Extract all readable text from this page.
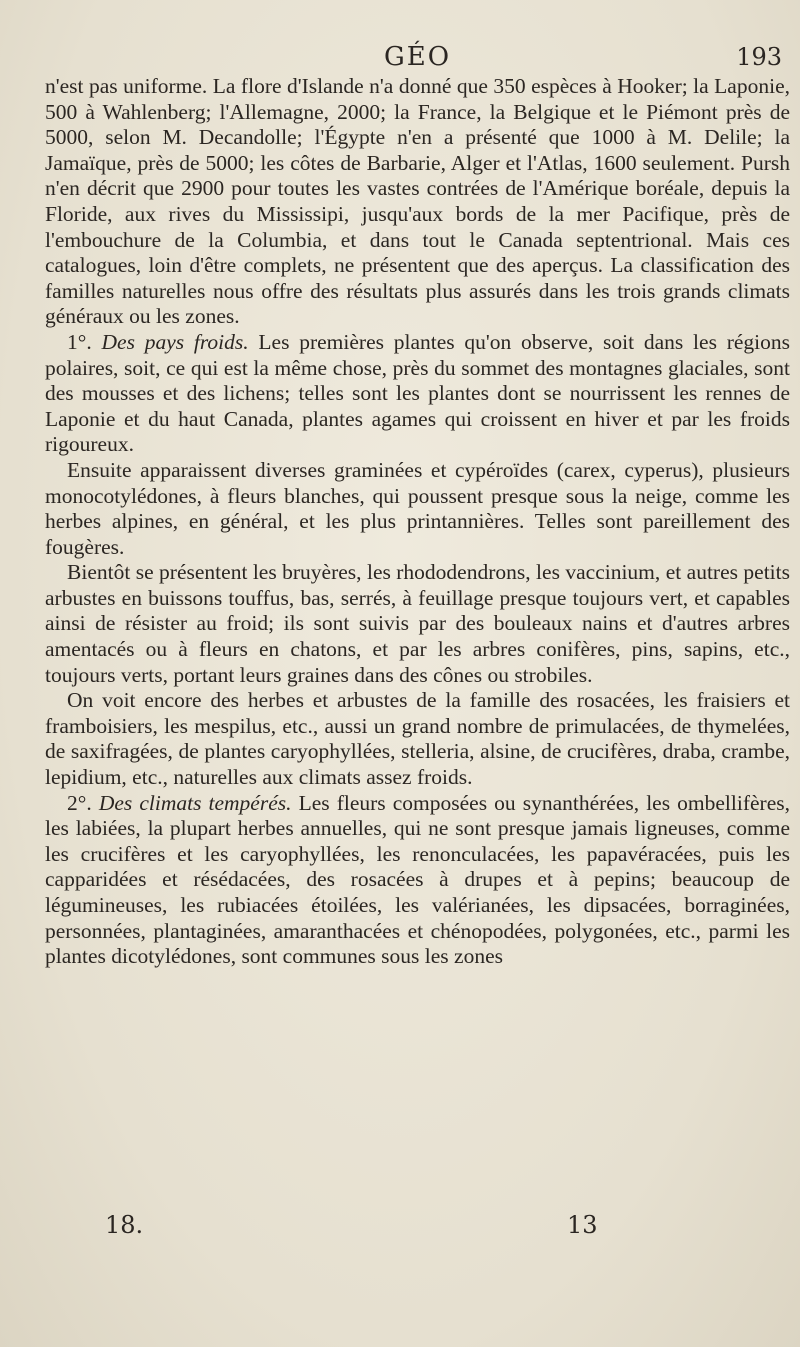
GÉO	193

n'est pas uniforme. La flore d'Islande n'a donné que 350 espèces à Hooker; la Laponie, 500 à Wahlenberg; l'Allemagne, 2000; la France, la Belgique et le Piémont près de 5000, selon M. Decandolle; l'Égypte n'en a présenté que 1000 à M. Delile; la Jamaïque, près de 5000; les côtes de Barbarie, Alger et l'Atlas, 1600 seulement. Pursh n'en décrit que 2900 pour toutes les vastes contrées de l'Amérique boréale, depuis la Floride, aux rives du Mississipi, jusqu'aux bords de la mer Pacifique, près de l'embouchure de la Columbia, et dans tout le Canada septentrional. Mais ces catalogues, loin d'être complets, ne présentent que des aperçus. La classification des familles naturelles nous offre des résultats plus assurés dans les trois grands climats généraux ou les zones.

1°. Des pays froids. Les premières plantes qu'on observe, soit dans les régions polaires, soit, ce qui est la même chose, près du sommet des montagnes glaciales, sont des mousses et des lichens; telles sont les plantes dont se nourrissent les rennes de Laponie et du haut Canada, plantes agames qui croissent en hiver et par les froids rigoureux.

Ensuite apparaissent diverses graminées et cypéroïdes (carex, cyperus), plusieurs monocotylédones, à fleurs blanches, qui poussent presque sous la neige, comme les herbes alpines, en général, et les plus printannières. Telles sont pareillement des fougères.

Bientôt se présentent les bruyères, les rhododendrons, les vaccinium, et autres petits arbustes en buissons touffus, bas, serrés, à feuillage presque toujours vert, et capables ainsi de résister au froid; ils sont suivis par des bouleaux nains et d'autres arbres amentacés ou à fleurs en chatons, et par les arbres conifères, pins, sapins, etc., toujours verts, portant leurs graines dans des cônes ou strobiles.

On voit encore des herbes et arbustes de la famille des rosacées, les fraisiers et framboisiers, les mespilus, etc., aussi un grand nombre de primulacées, de thymelées, de saxifragées, de plantes caryophyllées, stelleria, alsine, de crucifères, draba, crambe, lepidium, etc., naturelles aux climats assez froids.

2°. Des climats tempérés. Les fleurs composées ou synanthérées, les ombellifères, les labiées, la plupart herbes annuelles, qui ne sont presque jamais ligneuses, comme les crucifères et les caryophyllées, les renonculacées, les papavéracées, puis les capparidées et résédacées, des rosacées à drupes et à pepins; beaucoup de légumineuses, les rubiacées étoilées, les valérianées, les dipsacées, borraginées, personnées, plantaginées, amaranthacées et chénopodées, polygonées, etc., parmi les plantes dicotylédones, sont communes sous les zones

18.	13
